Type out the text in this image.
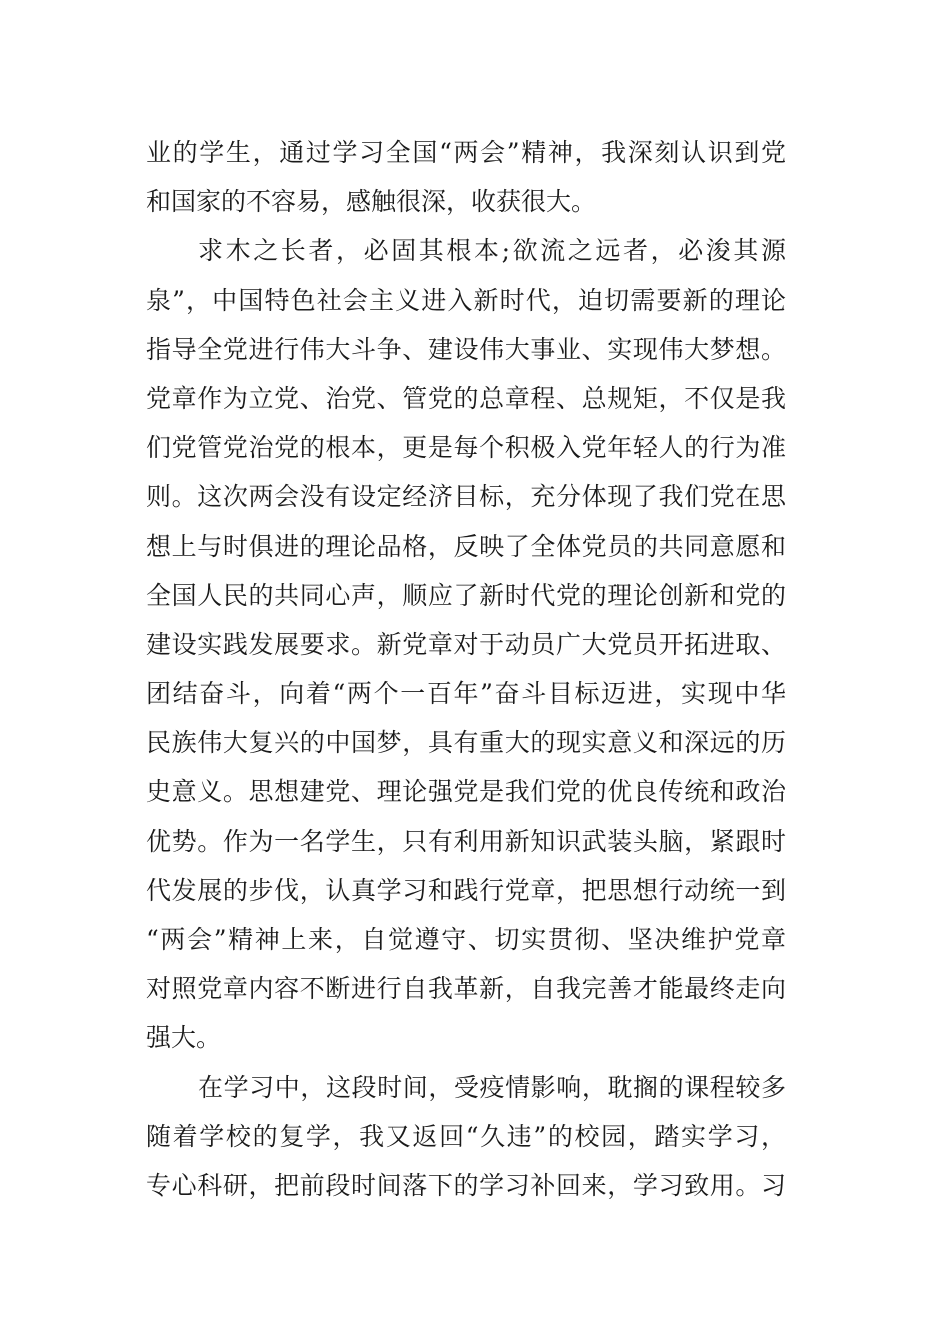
业的学生，通过学习全国“两会”精神，我深刻认识到党
和国家的不容易，感触很深，收获很大。
求木之长者，必固其根本;欲流之远者，必浚其源
泉”，中国特色社会主义进入新时代，迫切需要新的理论
指导全党进行伟大斗争、建设伟大事业、实现伟大梦想。
党章作为立党、治党、管党的总章程、总规矩，不仅是我
们党管党治党的根本，更是每个积极入党年轻人的行为准
则。这次两会没有设定经济目标，充分体现了我们党在思
想上与时俱进的理论品格，反映了全体党员的共同意愿和
全国人民的共同心声，顺应了新时代党的理论创新和党的
建设实践发展要求。新党章对于动员广大党员开拓进取、
团结奋斗，向着“两个一百年”奋斗目标迈进，实现中华
民族伟大复兴的中国梦，具有重大的现实意义和深远的历
史意义。思想建党、理论强党是我们党的优良传统和政治
优势。作为一名学生，只有利用新知识武装头脑，紧跟时
代发展的步伐，认真学习和践行党章，把思想行动统一到
“两会”精神上来，自觉遵守、切实贯彻、坚决维护党章
对照党章内容不断进行自我革新，自我完善才能最终走向
强大。
在学习中，这段时间，受疫情影响，耽搁的课程较多
随着学校的复学，我又返回“久违”的校园，踏实学习，
专心科研，把前段时间落下的学习补回来，学习致用。习
